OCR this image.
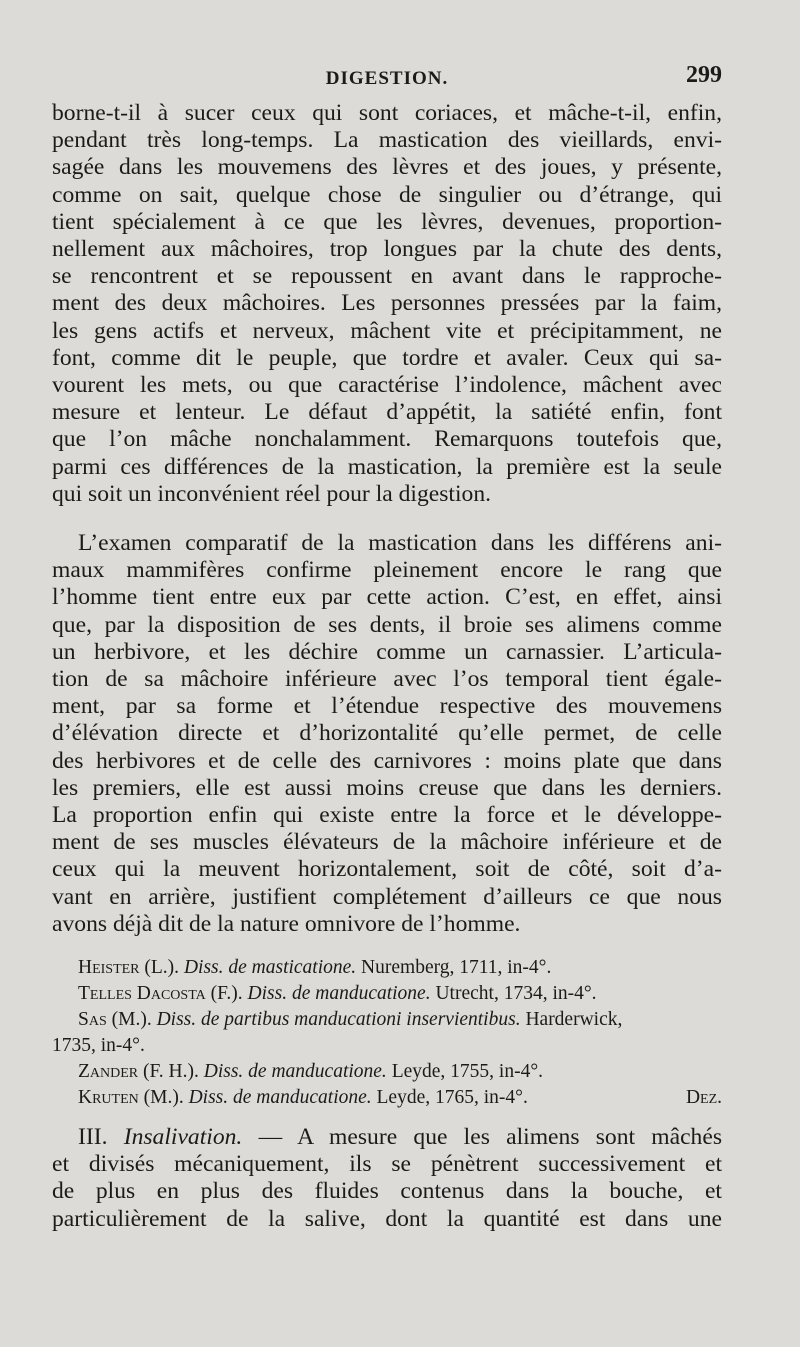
DIGESTION.	299

borne-t-il à sucer ceux qui sont coriaces, et mâche-t-il, enfin,
pendant très long-temps. La mastication des vieillards, envi-
sagée dans les mouvemens des lèvres et des joues, y présente,
comme on sait, quelque chose de singulier ou d’étrange, qui
tient spécialement à ce que les lèvres, devenues, proportion-
nellement aux mâchoires, trop longues par la chute des dents,
se rencontrent et se repoussent en avant dans le rapproche-
ment des deux mâchoires. Les personnes pressées par la faim,
les gens actifs et nerveux, mâchent vite et précipitamment, ne
font, comme dit le peuple, que tordre et avaler. Ceux qui sa-
vourent les mets, ou que caractérise l’indolence, mâchent avec
mesure et lenteur. Le défaut d’appétit, la satiété enfin, font
que l’on mâche nonchalamment. Remarquons toutefois que,
parmi ces différences de la mastication, la première est la seule
qui soit un inconvénient réel pour la digestion.

L’examen comparatif de la mastication dans les différens ani-
maux mammifères confirme pleinement encore le rang que
l’homme tient entre eux par cette action. C’est, en effet, ainsi
que, par la disposition de ses dents, il broie ses alimens comme
un herbivore, et les déchire comme un carnassier. L’articula-
tion de sa mâchoire inférieure avec l’os temporal tient égale-
ment, par sa forme et l’étendue respective des mouvemens
d’élévation directe et d’horizontalité qu’elle permet, de celle
des herbivores et de celle des carnivores : moins plate que dans
les premiers, elle est aussi moins creuse que dans les derniers.
La proportion enfin qui existe entre la force et le développe-
ment de ses muscles élévateurs de la mâchoire inférieure et de
ceux qui la meuvent horizontalement, soit de côté, soit d’a-
vant en arrière, justifient complétement d’ailleurs ce que nous
avons déjà dit de la nature omnivore de l’homme.

Heister (L.). Diss. de masticatione. Nuremberg, 1711, in-4°.
Telles Dacosta (F.). Diss. de manducatione. Utrecht, 1734, in-4°.
Sas (M.). Diss. de partibus manducationi inservientibus. Harderwick,
1735, in-4°.
Zander (F. H.). Diss. de manducatione. Leyde, 1755, in-4°.
Kruten (M.). Diss. de manducatione. Leyde, 1765, in-4°.	Dez.

III. Insalivation. — A mesure que les alimens sont mâchés
et divisés mécaniquement, ils se pénètrent successivement et
de plus en plus des fluides contenus dans la bouche, et
particulièrement de la salive, dont la quantité est dans une
